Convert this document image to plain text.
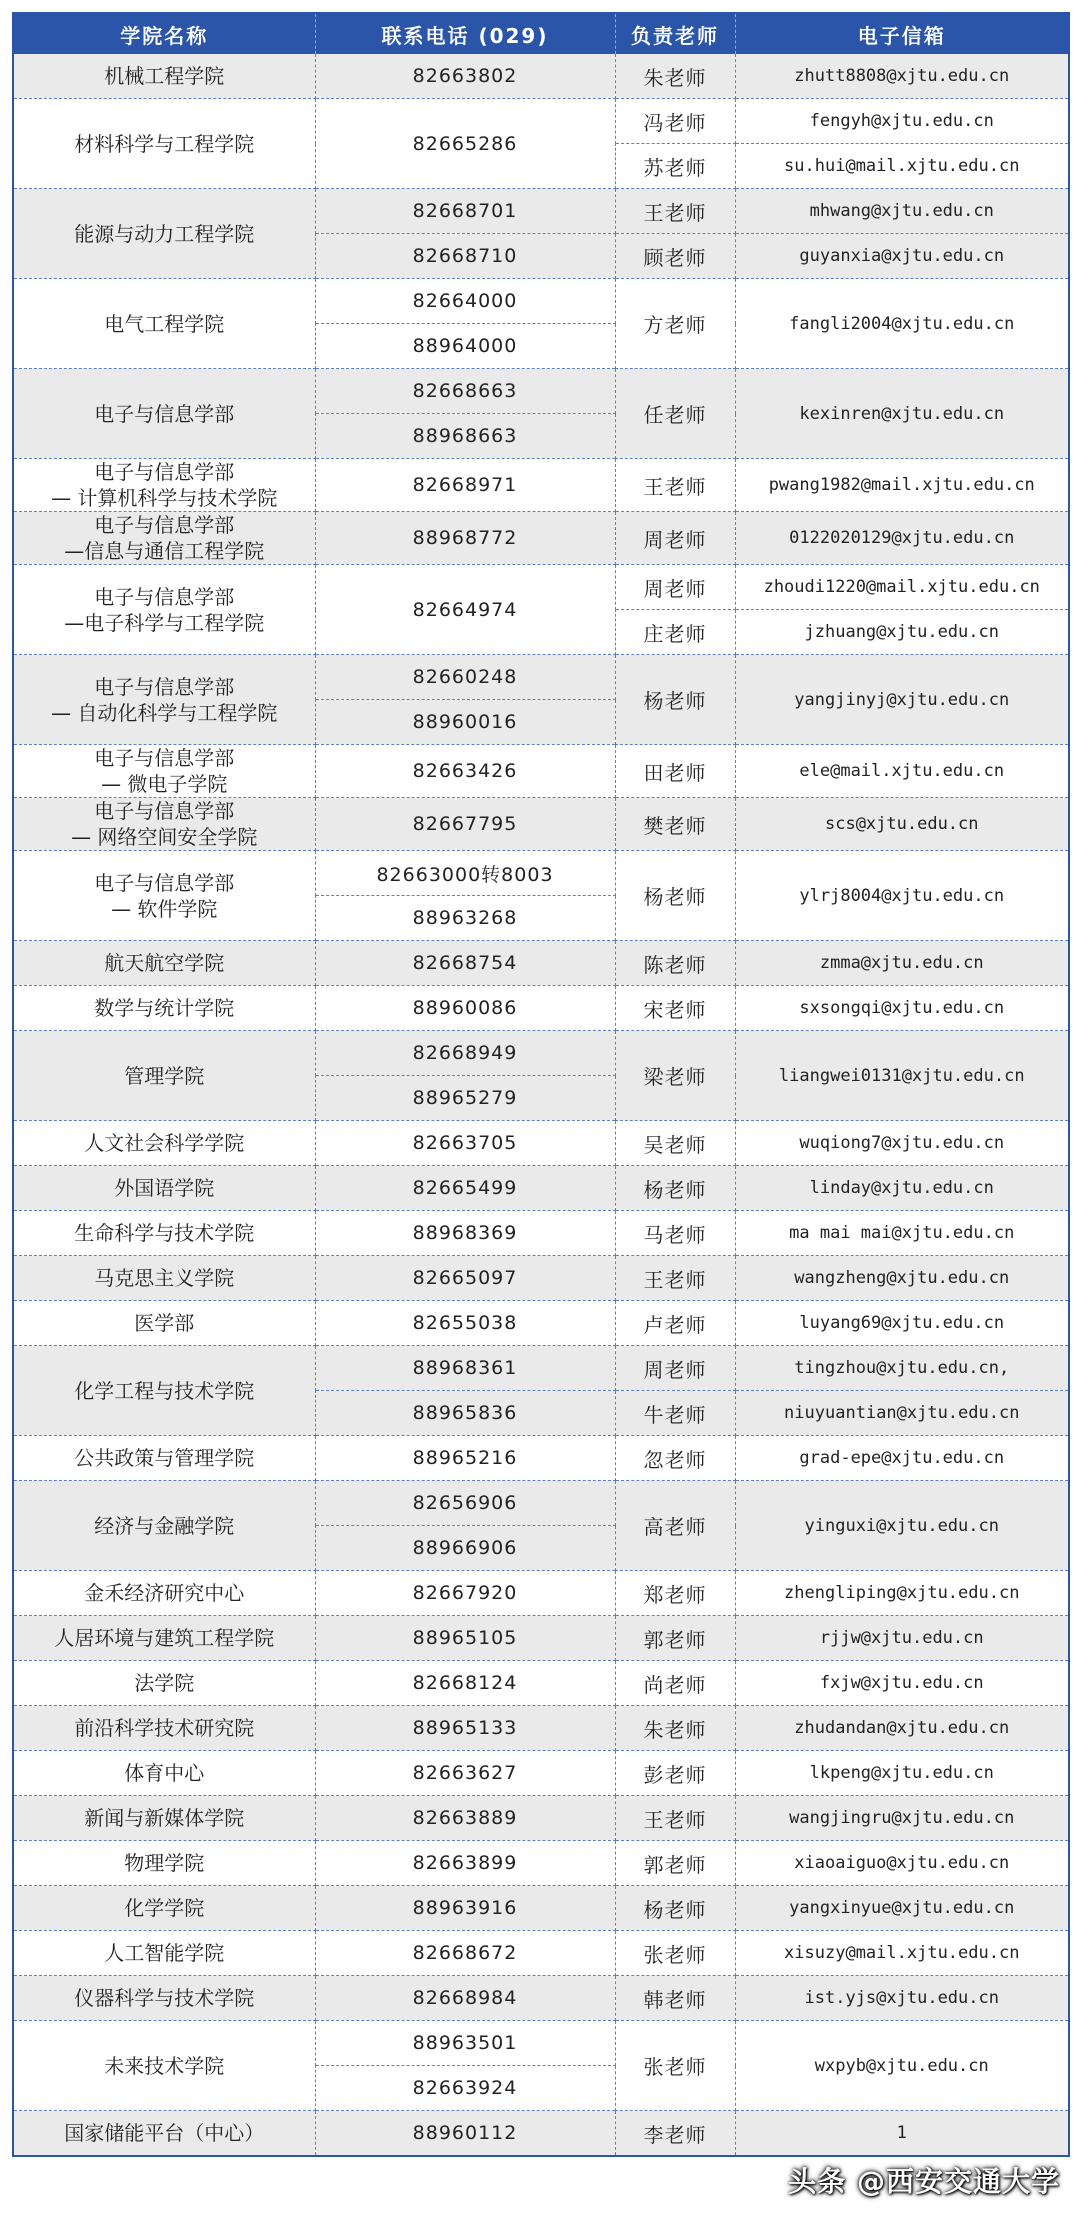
学院名称	联系电话 (029)	负责老师	电子信箱

机械工程学院	82663802	朱老师	zhutt8808@xjtu.edu.cn

材料科学与工程学院	82665286	冯老师	fengyh@xjtu.edu.cn
		苏老师	su.hui@mail.xjtu.edu.cn

能源与动力工程学院	82668701	王老师	mhwang@xjtu.edu.cn
	82668710	顾老师	guyanxia@xjtu.edu.cn

电气工程学院	82664000	方老师	fangli2004@xjtu.edu.cn
	88964000		

电子与信息学部	82668663	任老师	kexinren@xjtu.edu.cn
	88968663		

电子与信息学部
— 计算机科学与技术学院	82668971	王老师	pwang1982@mail.xjtu.edu.cn

电子与信息学部
—信息与通信工程学院	88968772	周老师	0122020129@xjtu.edu.cn

电子与信息学部
—电子科学与工程学院	82664974	周老师	zhoudi1220@mail.xjtu.edu.cn
		庄老师	jzhuang@xjtu.edu.cn

电子与信息学部
— 自动化科学与工程学院	82660248	杨老师	yangjinyj@xjtu.edu.cn
	88960016		

电子与信息学部
— 微电子学院	82663426	田老师	ele@mail.xjtu.edu.cn

电子与信息学部
— 网络空间安全学院	82667795	樊老师	scs@xjtu.edu.cn

电子与信息学部
— 软件学院	82663000转8003	杨老师	ylrj8004@xjtu.edu.cn
	88963268		

航天航空学院	82668754	陈老师	zmma@xjtu.edu.cn

数学与统计学院	88960086	宋老师	sxsongqi@xjtu.edu.cn

管理学院	82668949	梁老师	liangwei0131@xjtu.edu.cn
	88965279		

人文社会科学学院	82663705	吴老师	wuqiong7@xjtu.edu.cn

外国语学院	82665499	杨老师	linday@xjtu.edu.cn

生命科学与技术学院	88968369	马老师	ma mai mai@xjtu.edu.cn

马克思主义学院	82665097	王老师	wangzheng@xjtu.edu.cn

医学部	82655038	卢老师	luyang69@xjtu.edu.cn

化学工程与技术学院	88968361	周老师	tingzhou@xjtu.edu.cn,
	88965836	牛老师	niuyuantian@xjtu.edu.cn

公共政策与管理学院	88965216	忽老师	grad-epe@xjtu.edu.cn

经济与金融学院	82656906	高老师	yinguxi@xjtu.edu.cn
	88966906		

金禾经济研究中心	82667920	郑老师	zhengliping@xjtu.edu.cn

人居环境与建筑工程学院	88965105	郭老师	rjjw@xjtu.edu.cn

法学院	82668124	尚老师	fxjw@xjtu.edu.cn

前沿科学技术研究院	88965133	朱老师	zhudandan@xjtu.edu.cn

体育中心	82663627	彭老师	lkpeng@xjtu.edu.cn

新闻与新媒体学院	82663889	王老师	wangjingru@xjtu.edu.cn

物理学院	82663899	郭老师	xiaoaiguo@xjtu.edu.cn

化学学院	88963916	杨老师	yangxinyue@xjtu.edu.cn

人工智能学院	82668672	张老师	xisuzy@mail.xjtu.edu.cn

仪器科学与技术学院	82668984	韩老师	ist.yjs@xjtu.edu.cn

未来技术学院	88963501	张老师	wxpyb@xjtu.edu.cn
	82663924		

国家储能平台（中心）	88960112	李老师	1
头条 @西安交通大学
